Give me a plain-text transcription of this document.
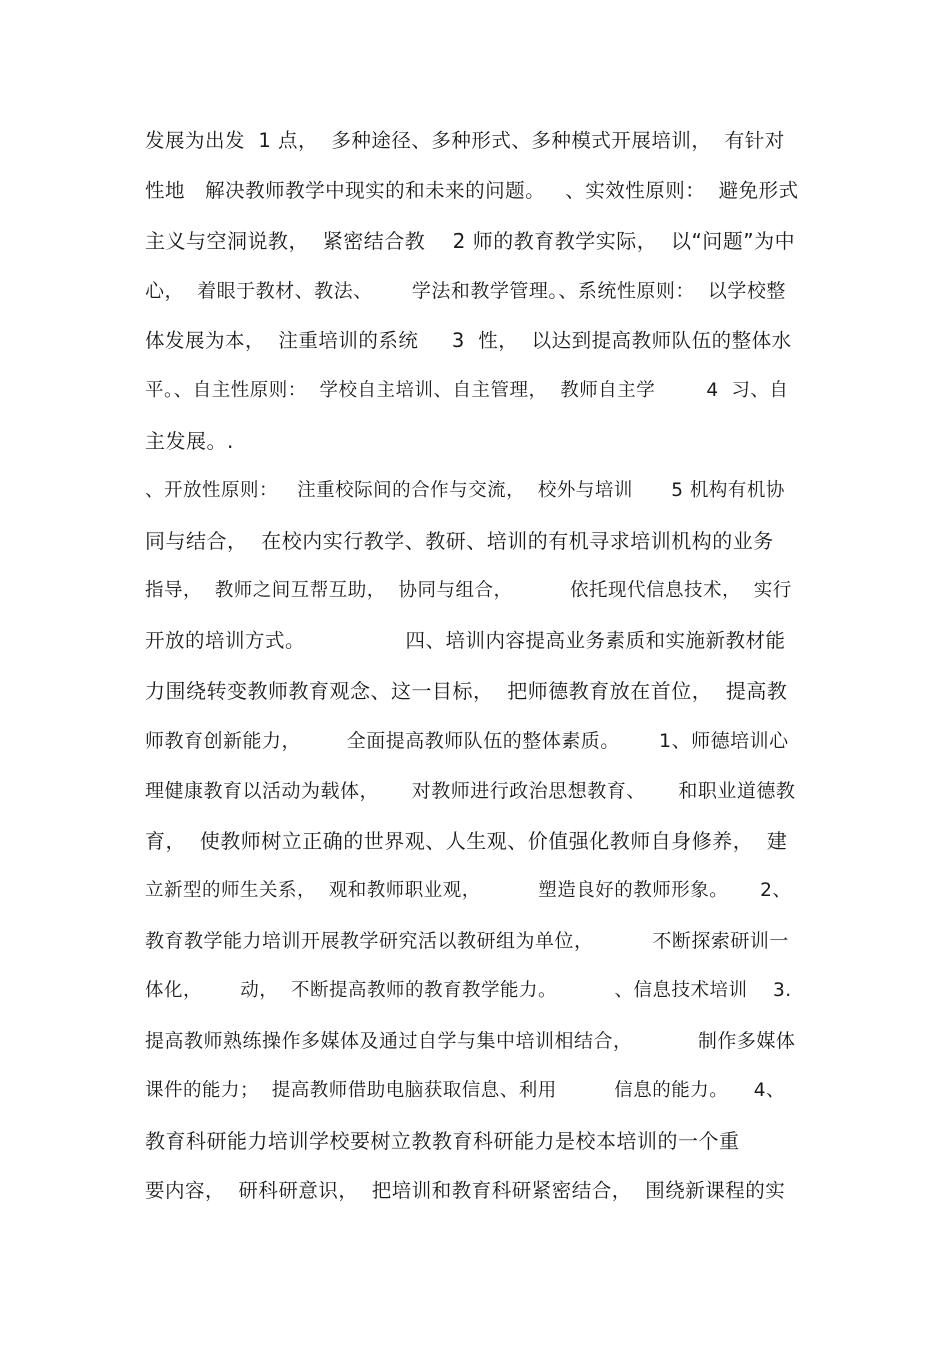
发展为出发  1 点，  多种途径、多种形式、多种模式开展培训，  有针对
性地   解决教师教学中现实的和未来的问题。   、实效性原则：  避免形式
主义与空洞说教，  紧密结合教    2 师的教育教学实际，  以“问题”为中
心，  着眼于教材、教法、      学法和教学管理。、系统性原则：  以学校整
体发展为本，  注重培训的系统     3  性，  以达到提高教师队伍的整体水
平。、自主性原则：  学校自主培训、自主管理，  教师自主学        4  习、自
主发展。.
、开放性原则：   注重校际间的合作与交流，  校外与培训      5 机构有机协
同与结合，  在校内实行教学、教研、培训的有机寻求培训机构的业务
指导，  教师之间互帮互助，  协同与组合，         依托现代信息技术，  实行
开放的培训方式。               四、培训内容提高业务素质和实施新教材能
力围绕转变教师教育观念、这一目标，  把师德教育放在首位，  提高教
师教育创新能力，       全面提高教师队伍的整体素质。      1、师德培训心
理健康教育以活动为载体，     对教师进行政治思想教育、     和职业道德教
育，  使教师树立正确的世界观、人生观、价值强化教师自身修养，  建
立新型的师生关系，  观和教师职业观，         塑造良好的教师形象。     2、
教育教学能力培训开展教学研究活以教研组为单位，         不断探索研训一
体化，      动，  不断提高教师的教育教学能力。         、信息技术培训    3.
提高教师熟练操作多媒体及通过自学与集中培训相结合，          制作多媒体
课件的能力；  提高教师借助电脑获取信息、利用         信息的能力。    4、
教育科研能力培训学校要树立教教育科研能力是校本培训的一个重
要内容，  研科研意识，  把培训和教育科研紧密结合，  围绕新课程的实
